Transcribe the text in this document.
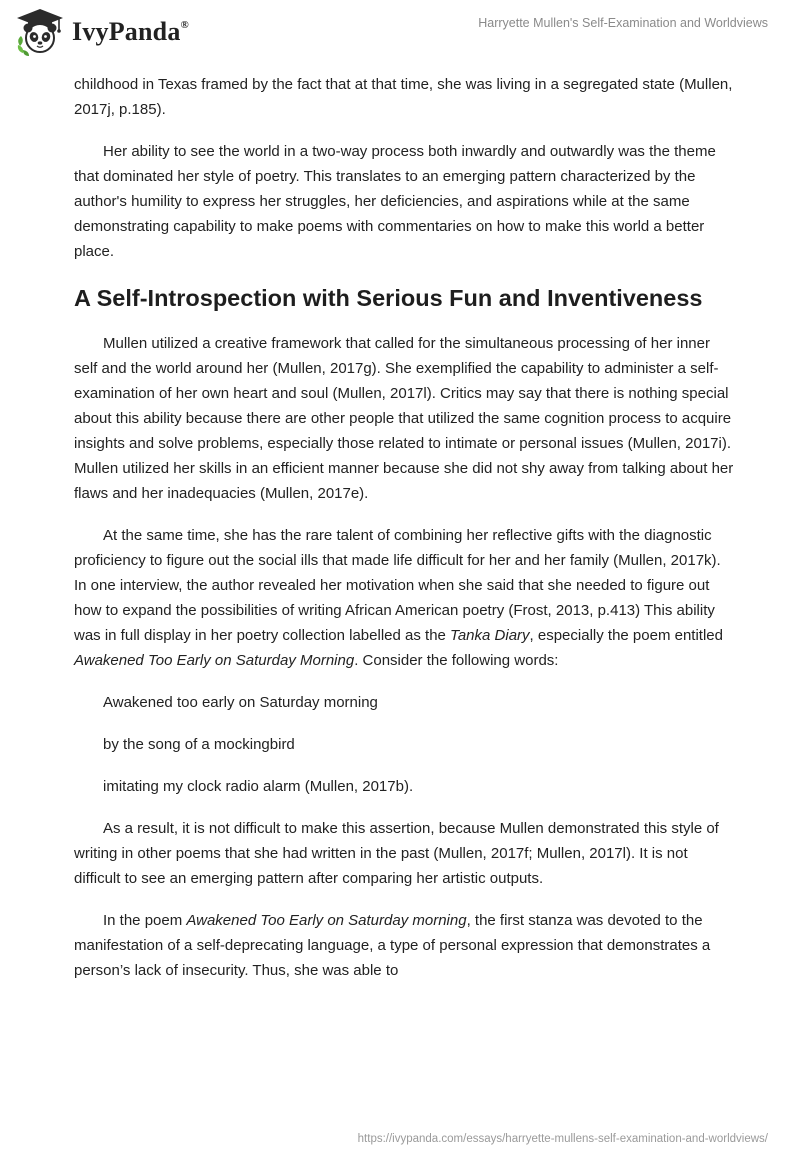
IvyPanda®	Harryette Mullen's Self-Examination and Worldviews

childhood in Texas framed by the fact that at that time, she was living in a segregated state (Mullen, 2017j, p.185).

Her ability to see the world in a two-way process both inwardly and outwardly was the theme that dominated her style of poetry. This translates to an emerging pattern characterized by the author's humility to express her struggles, her deficiencies, and aspirations while at the same demonstrating capability to make poems with commentaries on how to make this world a better place.

A Self-Introspection with Serious Fun and Inventiveness

Mullen utilized a creative framework that called for the simultaneous processing of her inner self and the world around her (Mullen, 2017g). She exemplified the capability to administer a self-examination of her own heart and soul (Mullen, 2017l). Critics may say that there is nothing special about this ability because there are other people that utilized the same cognition process to acquire insights and solve problems, especially those related to intimate or personal issues (Mullen, 2017i). Mullen utilized her skills in an efficient manner because she did not shy away from talking about her flaws and her inadequacies (Mullen, 2017e).

At the same time, she has the rare talent of combining her reflective gifts with the diagnostic proficiency to figure out the social ills that made life difficult for her and her family (Mullen, 2017k). In one interview, the author revealed her motivation when she said that she needed to figure out how to expand the possibilities of writing African American poetry (Frost, 2013, p.413) This ability was in full display in her poetry collection labelled as the Tanka Diary, especially the poem entitled Awakened Too Early on Saturday Morning. Consider the following words:

Awakened too early on Saturday morning

by the song of a mockingbird

imitating my clock radio alarm (Mullen, 2017b).

As a result, it is not difficult to make this assertion, because Mullen demonstrated this style of writing in other poems that she had written in the past (Mullen, 2017f; Mullen, 2017l). It is not difficult to see an emerging pattern after comparing her artistic outputs.

In the poem Awakened Too Early on Saturday morning, the first stanza was devoted to the manifestation of a self-deprecating language, a type of personal expression that demonstrates a person’s lack of insecurity. Thus, she was able to

https://ivypanda.com/essays/harryette-mullens-self-examination-and-worldviews/
